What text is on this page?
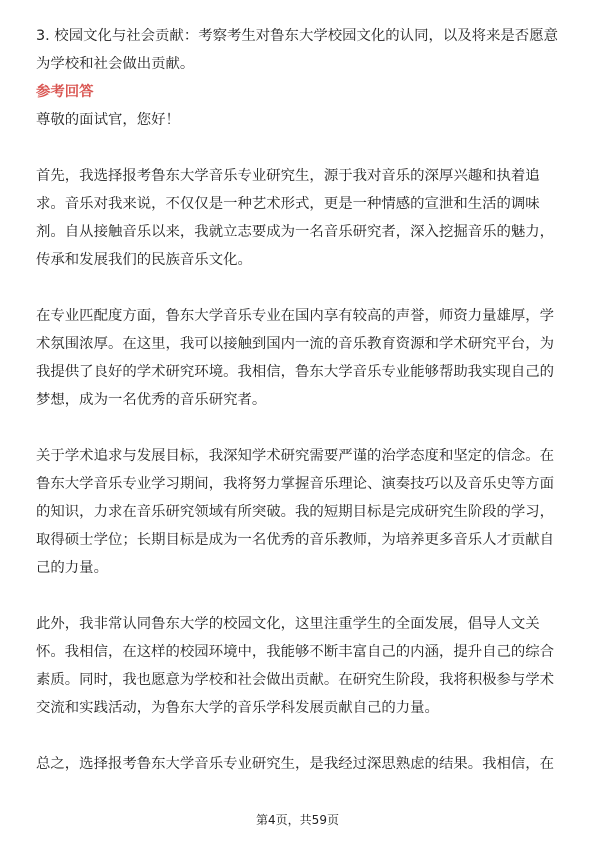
3. 校园文化与社会贡献：考察考生对鲁东大学校园文化的认同，以及将来是否愿意为学校和社会做出贡献。

参考回答

尊敬的面试官，您好！

首先，我选择报考鲁东大学音乐专业研究生，源于我对音乐的深厚兴趣和执着追求。音乐对我来说，不仅仅是一种艺术形式，更是一种情感的宣泄和生活的调味剂。自从接触音乐以来，我就立志要成为一名音乐研究者，深入挖掘音乐的魅力，传承和发展我们的民族音乐文化。

在专业匹配度方面，鲁东大学音乐专业在国内享有较高的声誉，师资力量雄厚，学术氛围浓厚。在这里，我可以接触到国内一流的音乐教育资源和学术研究平台，为我提供了良好的学术研究环境。我相信，鲁东大学音乐专业能够帮助我实现自己的梦想，成为一名优秀的音乐研究者。

关于学术追求与发展目标，我深知学术研究需要严谨的治学态度和坚定的信念。在鲁东大学音乐专业学习期间，我将努力掌握音乐理论、演奏技巧以及音乐史等方面的知识，力求在音乐研究领域有所突破。我的短期目标是完成研究生阶段的学习，取得硕士学位；长期目标是成为一名优秀的音乐教师，为培养更多音乐人才贡献自己的力量。

此外，我非常认同鲁东大学的校园文化，这里注重学生的全面发展，倡导人文关怀。我相信，在这样的校园环境中，我能够不断丰富自己的内涵，提升自己的综合素质。同时，我也愿意为学校和社会做出贡献。在研究生阶段，我将积极参与学术交流和实践活动，为鲁东大学的音乐学科发展贡献自己的力量。

总之，选择报考鲁东大学音乐专业研究生，是我经过深思熟虑的结果。我相信，在

第4页，共59页
